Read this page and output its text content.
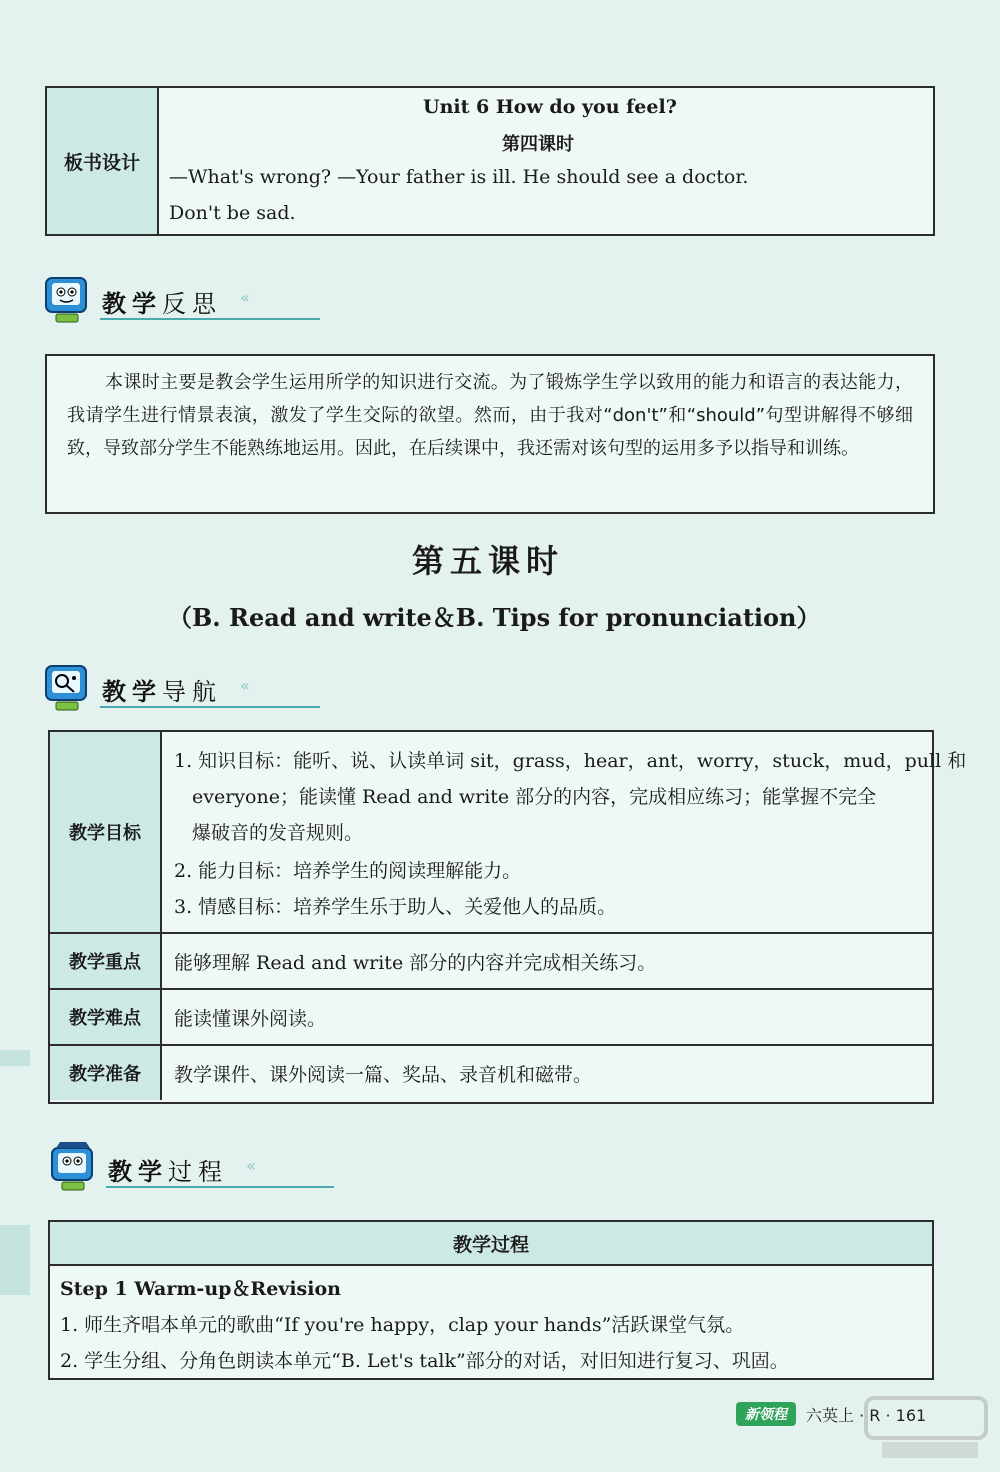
板书设计
Unit 6 How do you feel?
第四课时
—What's wrong? —Your father is ill. He should see a doctor.
Don't be sad.
教学反思 «
本课时主要是教会学生运用所学的知识进行交流。为了锻炼学生学以致用的能力和语言的表达能力，我请学生进行情景表演，激发了学生交际的欲望。然而，由于我对“don't”和“should”句型讲解得不够细致，导致部分学生不能熟练地运用。因此，在后续课中，我还需对该句型的运用多予以指导和训练。
第五课时
（B. Read and write＆B. Tips for pronunciation）
教学导航 «
教学目标
1. 知识目标：能听、说、认读单词 sit，grass，hear，ant，worry，stuck，mud，pull 和
everyone；能读懂 Read and write 部分的内容，完成相应练习；能掌握不完全
爆破音的发音规则。
2. 能力目标：培养学生的阅读理解能力。
3. 情感目标：培养学生乐于助人、关爱他人的品质。
教学重点	能够理解 Read and write 部分的内容并完成相关练习。
教学难点	能读懂课外阅读。
教学准备	教学课件、课外阅读一篇、奖品、录音机和磁带。
教学过程 «
教学过程
Step 1 Warm-up＆Revision
1. 师生齐唱本单元的歌曲“If you're happy，clap your hands”活跃课堂气氛。
2. 学生分组、分角色朗读本单元“B. Let's talk”部分的对话，对旧知进行复习、巩固。
新领程	六英上 · R · 161
